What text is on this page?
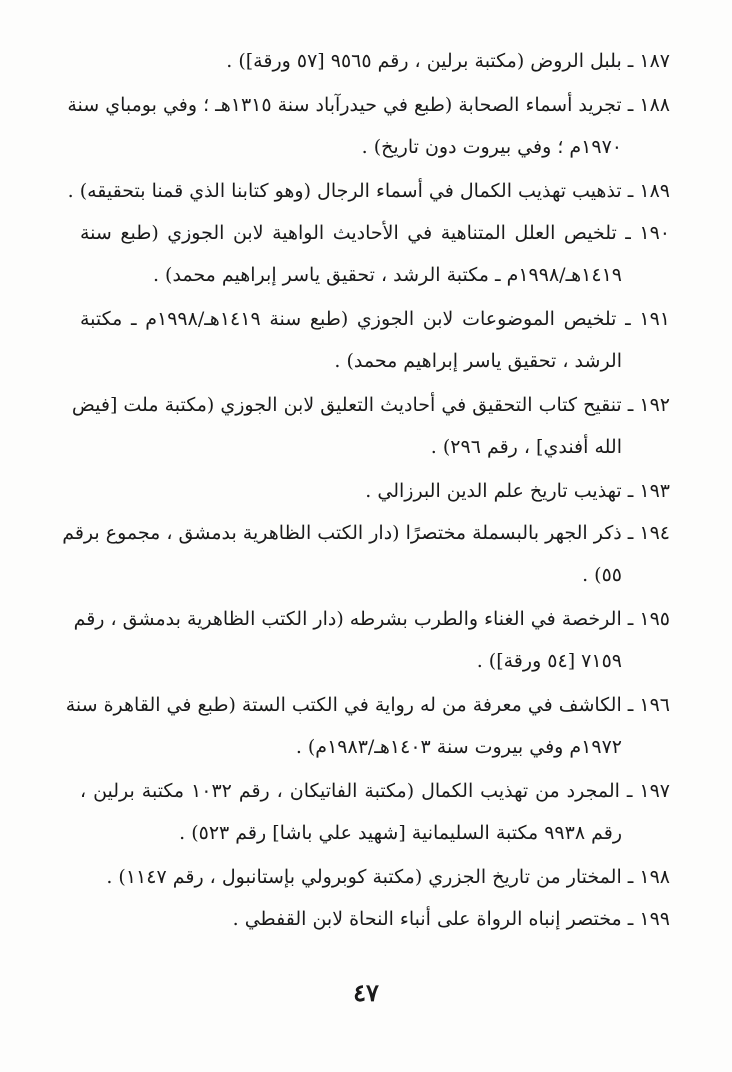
١٨٧ ـ بلبل الروض (مكتبة برلين ، رقم ٩٥٦٥ [٥٧ ورقة]) .
١٨٨ ـ تجريد أسماء الصحابة (طبع في حيدرآباد سنة ١٣١٥هـ ؛ وفي بومباي سنة
١٩٧٠م ؛ وفي بيروت دون تاريخ) .
١٨٩ ـ تذهيب تهذيب الكمال في أسماء الرجال (وهو كتابنا الذي قمنا بتحقيقه) .
١٩٠ ـ تلخيص العلل المتناهية في الأحاديث الواهية لابن الجوزي (طبع سنة
١٤١٩هـ/١٩٩٨م ـ مكتبة الرشد ، تحقيق ياسر إبراهيم محمد) .
١٩١ ـ تلخيص الموضوعات لابن الجوزي (طبع سنة ١٤١٩هـ/١٩٩٨م ـ مكتبة
الرشد ، تحقيق ياسر إبراهيم محمد) .
١٩٢ ـ تنقيح كتاب التحقيق في أحاديث التعليق لابن الجوزي (مكتبة ملت [فيض
الله أفندي] ، رقم ٢٩٦) .
١٩٣ ـ تهذيب تاريخ علم الدين البرزالي .
١٩٤ ـ ذكر الجهر بالبسملة مختصرًا (دار الكتب الظاهرية بدمشق ، مجموع برقم
٥٥) .
١٩٥ ـ الرخصة في الغناء والطرب بشرطه (دار الكتب الظاهرية بدمشق ، رقم
٧١٥٩ [٥٤ ورقة]) .
١٩٦ ـ الكاشف في معرفة من له رواية في الكتب الستة (طبع في القاهرة سنة
١٩٧٢م وفي بيروت سنة ١٤٠٣هـ/١٩٨٣م) .
١٩٧ ـ المجرد من تهذيب الكمال (مكتبة الفاتيكان ، رقم ١٠٣٢ مكتبة برلين ،
رقم ٩٩٣٨ مكتبة السليمانية [شهيد علي باشا] رقم ٥٢٣) .
١٩٨ ـ المختار من تاريخ الجزري (مكتبة كوبرولي بإستانبول ، رقم ١١٤٧) .
١٩٩ ـ مختصر إنباه الرواة على أنباء النحاة لابن القفطي .
٤٧
